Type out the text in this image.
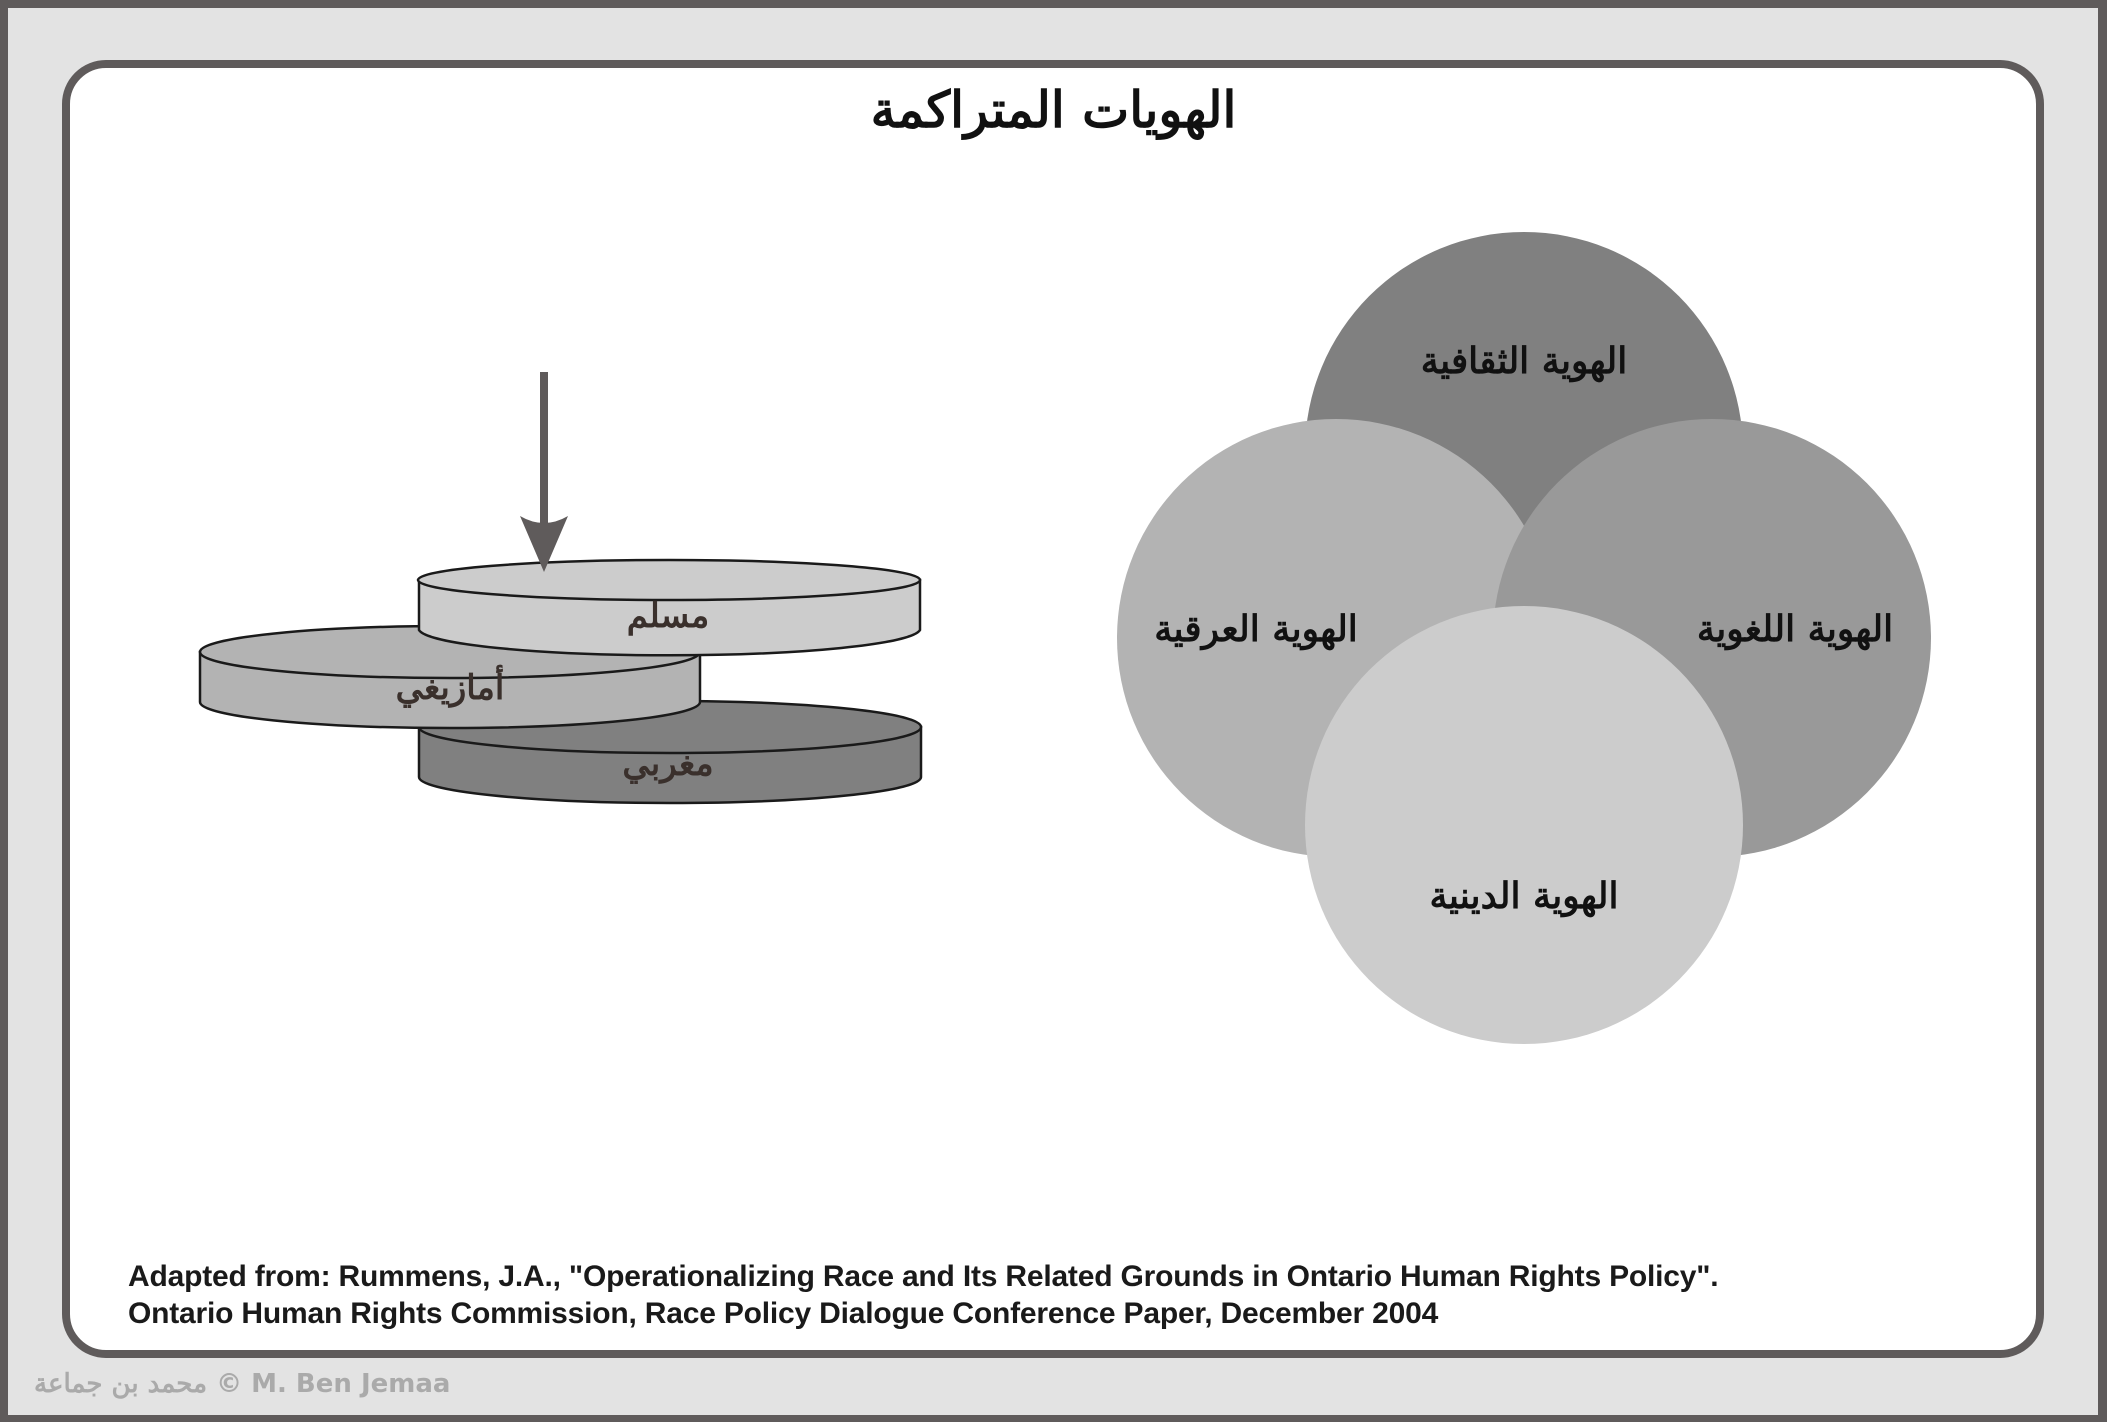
الهويات المتراكمة
الهوية الثقافية
الهوية العرقية	الهوية اللغوية
الهوية الدينية
مسلم
أمازيغي
مغربي
Adapted from: Rummens, J.A., "Operationalizing Race and Its Related Grounds in Ontario Human Rights Policy".
Ontario Human Rights Commission, Race Policy Dialogue Conference Paper, December 2004
محمد بن جماعة © M. Ben Jemaa
